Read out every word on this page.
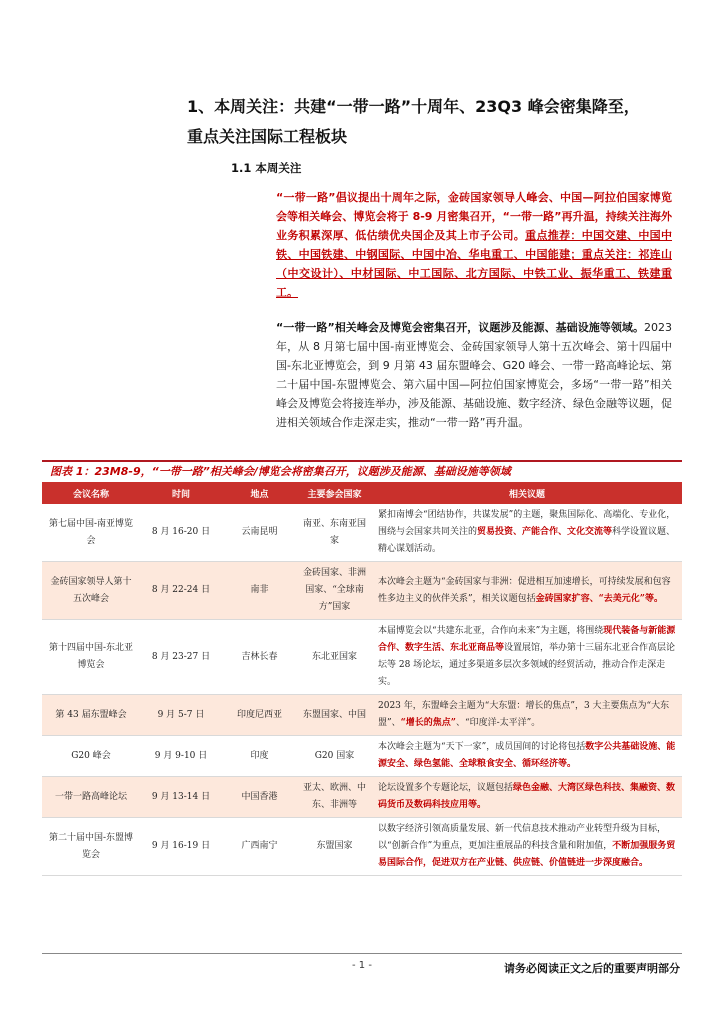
1、本周关注：共建“一带一路”十周年、23Q3 峰会密集降至，
重点关注国际工程板块
1.1 本周关注
“一带一路”倡议提出十周年之际，金砖国家领导人峰会、中国—阿拉伯国家博览会等相关峰会、博览会将于 8-9 月密集召开，“一带一路”再升温，持续关注海外业务积累深厚、低估绩优央国企及其上市子公司。重点推荐：中国交建、中国中铁、中国铁建、中钢国际、中国中冶、华电重工、中国能建；重点关注：祁连山（中交设计）、中材国际、中工国际、北方国际、中铁工业、振华重工、铁建重工。
“一带一路”相关峰会及博览会密集召开，议题涉及能源、基础设施等领域。2023 年，从 8 月第七届中国-南亚博览会、金砖国家领导人第十五次峰会、第十四届中国-东北亚博览会，到 9 月第 43 届东盟峰会、G20 峰会、一带一路高峰论坛、第二十届中国-东盟博览会、第六届中国—阿拉伯国家博览会，多场“一带一路”相关峰会及博览会将接连举办，涉及能源、基础设施、数字经济、绿色金融等议题，促进相关领域合作走深走实，推动“一带一路”再升温。
图表 1：23M8-9，“一带一路”相关峰会/博览会将密集召开，议题涉及能源、基础设施等领域
会议名称	时间	地点	主要参会国家	相关议题
第七届中国-南亚博览会	8 月 16-20 日	云南昆明	南亚、东南亚国家	紧扣南博会“团结协作，共谋发展”的主题，聚焦国际化、高端化、专业化，围绕与会国家共同关注的贸易投资、产能合作、文化交流等科学设置议题、精心谋划活动。
金砖国家领导人第十五次峰会	8 月 22-24 日	南非	金砖国家、非洲国家、“全球南方”国家	本次峰会主题为“金砖国家与非洲：促进相互加速增长，可持续发展和包容性多边主义的伙伴关系”，相关议题包括金砖国家扩容、“去美元化”等。
第十四届中国-东北亚博览会	8 月 23-27 日	吉林长春	东北亚国家	本届博览会以“共建东北亚，合作向未来”为主题，将围绕现代装备与新能源合作、数字生活、东北亚商品等设置展馆，举办第十三届东北亚合作高层论坛等 28 场论坛，通过多渠道多层次多领域的经贸活动，推动合作走深走实。
第 43 届东盟峰会	9 月 5-7 日	印度尼西亚	东盟国家、中国	2023 年，东盟峰会主题为“大东盟：增长的焦点”，3 大主要焦点为“大东盟”、“增长的焦点”、“印度洋-太平洋”。
G20 峰会	9 月 9-10 日	印度	G20 国家	本次峰会主题为“天下一家”，成员国间的讨论将包括数字公共基础设施、能源安全、绿色氢能、全球粮食安全、循环经济等。
一带一路高峰论坛	9 月 13-14 日	中国香港	亚太、欧洲、中东、非洲等	论坛设置多个专题论坛，议题包括绿色金融、大湾区绿色科技、集融资、数码货币及数码科技应用等。
第二十届中国-东盟博览会	9 月 16-19 日	广西南宁	东盟国家	以数字经济引领高质量发展、新一代信息技术推动产业转型升级为目标，以“创新合作”为重点，更加注重展品的科技含量和附加值，不断加强服务贸易国际合作，促进双方在产业链、供应链、价值链进一步深度融合。
- 1 -	请务必阅读正文之后的重要声明部分
